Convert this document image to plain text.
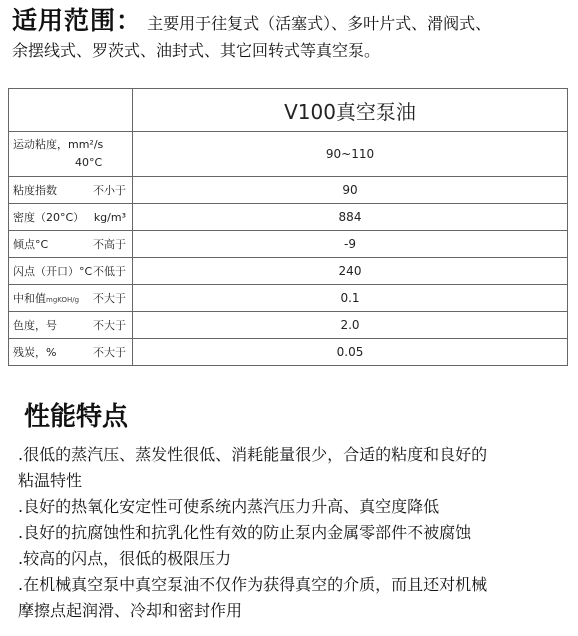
适用范围： 主要用于往复式（活塞式）、多叶片式、滑阀式、
余摆线式、罗茨式、油封式、其它回转式等真空泵。
	V100真空泵油

运动粘度，mm²/s
40°C	90~110

粘度指数 不小于	90

密度（20°C） kg/m³	884

倾点°C 不高于	-9

闪点（开口）°C 不低于	240

中和值mgKOH/g 不大于	0.1

色度，号 不大于	2.0

残炭，% 不大于	0.05
性能特点
.很低的蒸汽压、蒸发性很低、消耗能量很少，合适的粘度和良好的
粘温特性
.良好的热氧化安定性可使系统内蒸汽压力升高、真空度降低
.良好的抗腐蚀性和抗乳化性有效的防止泵内金属零部件不被腐蚀
.较高的闪点，很低的极限压力
.在机械真空泵中真空泵油不仅作为获得真空的介质，而且还对机械
摩擦点起润滑、冷却和密封作用
